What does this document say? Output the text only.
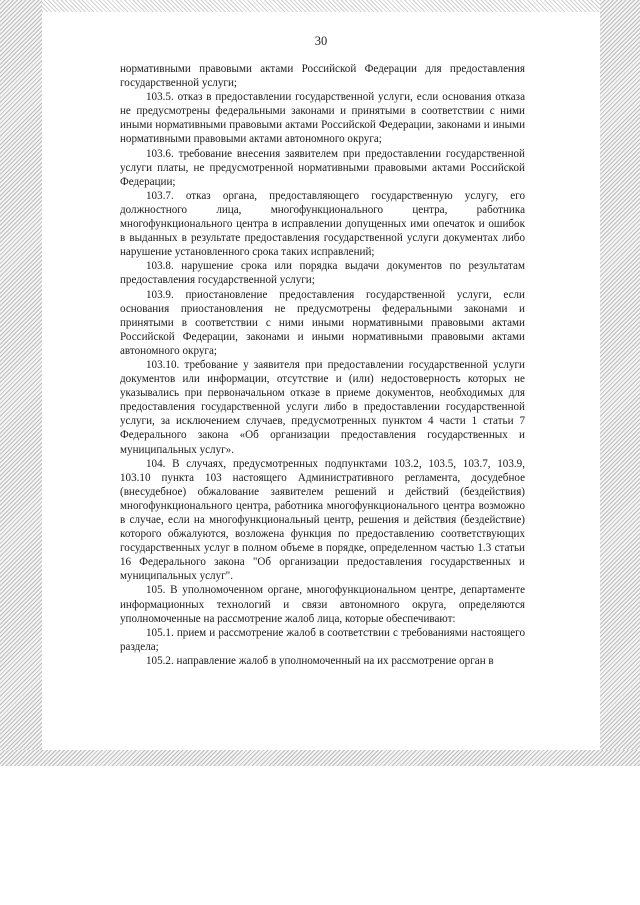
30

нормативными правовыми актами Российской Федерации для предоставления государственной услуги;

103.5. отказ в предоставлении государственной услуги, если основания отказа не предусмотрены федеральными законами и принятыми в соответствии с ними иными нормативными правовыми актами Российской Федерации, законами и иными нормативными правовыми актами автономного округа;

103.6. требование внесения заявителем при предоставлении государственной услуги платы, не предусмотренной нормативными правовыми актами Российской Федерации;

103.7. отказ органа, предоставляющего государственную услугу, его должностного лица, многофункционального центра, работника многофункционального центра в исправлении допущенных ими опечаток и ошибок в выданных в результате предоставления государственной услуги документах либо нарушение установленного срока таких исправлений;

103.8. нарушение срока или порядка выдачи документов по результатам предоставления государственной услуги;

103.9. приостановление предоставления государственной услуги, если основания приостановления не предусмотрены федеральными законами и принятыми в соответствии с ними иными нормативными правовыми актами Российской Федерации, законами и иными нормативными правовыми актами автономного округа;

103.10. требование у заявителя при предоставлении государственной услуги документов или информации, отсутствие и (или) недостоверность которых не указывались при первоначальном отказе в приеме документов, необходимых для предоставления государственной услуги либо в предоставлении государственной услуги, за исключением случаев, предусмотренных пунктом 4 части 1 статьи 7 Федерального закона «Об организации предоставления государственных и муниципальных услуг».

104. В случаях, предусмотренных подпунктами 103.2, 103.5, 103.7, 103.9, 103.10 пункта 103 настоящего Административного регламента, досудебное (внесудебное) обжалование заявителем решений и действий (бездействия) многофункционального центра, работника многофункционального центра возможно в случае, если на многофункциональный центр, решения и действия (бездействие) которого обжалуются, возложена функция по предоставлению соответствующих государственных услуг в полном объеме в порядке, определенном частью 1.3 статьи 16 Федерального закона "Об организации предоставления государственных и муниципальных услуг".

105. В уполномоченном органе, многофункциональном центре, департаменте информационных технологий и связи автономного округа, определяются уполномоченные на рассмотрение жалоб лица, которые обеспечивают:

105.1. прием и рассмотрение жалоб в соответствии с требованиями настоящего раздела;

105.2. направление жалоб в уполномоченный на их рассмотрение орган в
